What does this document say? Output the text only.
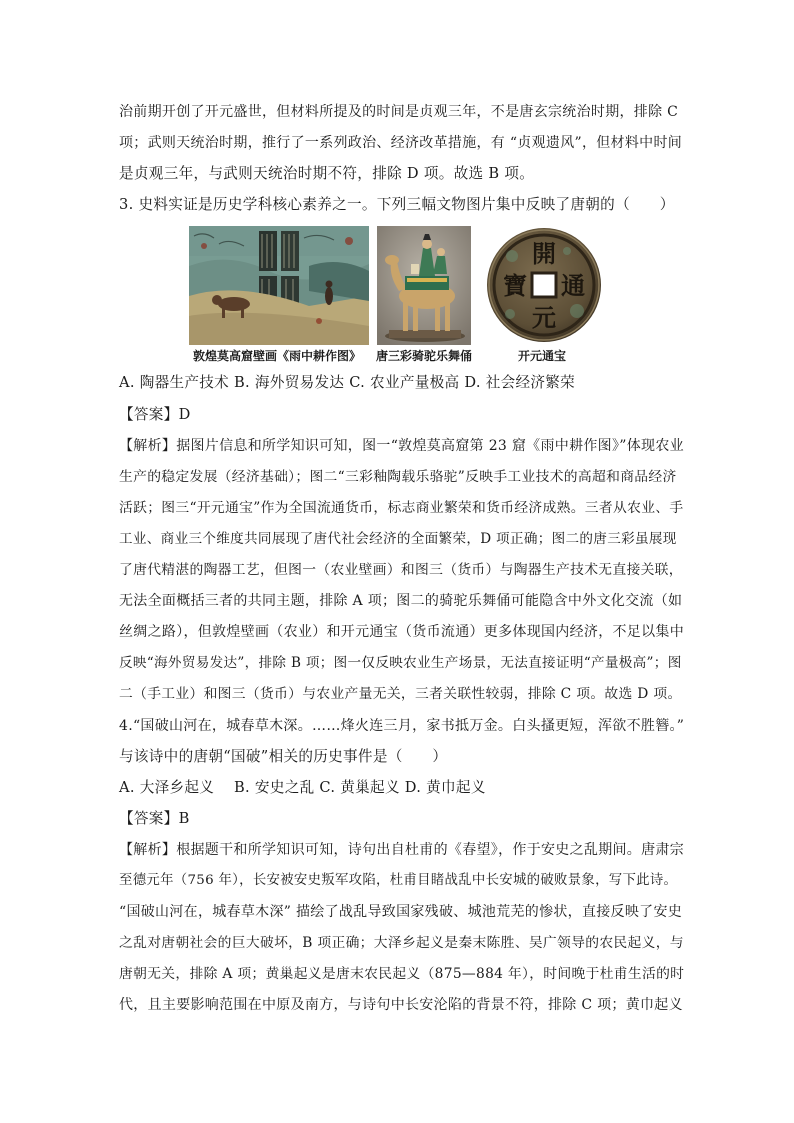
治前期开创了开元盛世，但材料所提及的时间是贞观三年，不是唐玄宗统治时期，排除 C
项；武则天统治时期，推行了一系列政治、经济改革措施，有 “贞观遗风”，但材料中时间
是贞观三年，与武则天统治时期不符，排除 D 项。故选 B 项。
3. 史料实证是历史学科核心素养之一。下列三幅文物图片集中反映了唐朝的（　　）
敦煌莫高窟壁画《雨中耕作图》 唐三彩骑驼乐舞俑
開
通
元
寶
开元通宝
A. 陶器生产技术 B. 海外贸易发达 C. 农业产量极高 D. 社会经济繁荣
【答案】D
【解析】据图片信息和所学知识可知，图一“敦煌莫高窟第 23 窟《雨中耕作图》”体现农业
生产的稳定发展（经济基础）；图二“三彩釉陶载乐骆驼”反映手工业技术的高超和商品经济
活跃；图三“开元通宝”作为全国流通货币，标志商业繁荣和货币经济成熟。三者从农业、手
工业、商业三个维度共同展现了唐代社会经济的全面繁荣，D 项正确；图二的唐三彩虽展现
了唐代精湛的陶器工艺，但图一（农业壁画）和图三（货币）与陶器生产技术无直接关联，
无法全面概括三者的共同主题，排除 A 项；图二的骑驼乐舞俑可能隐含中外文化交流（如
丝绸之路），但敦煌壁画（农业）和开元通宝（货币流通）更多体现国内经济，不足以集中
反映“海外贸易发达”，排除 B 项；图一仅反映农业生产场景，无法直接证明“产量极高”；图
二（手工业）和图三（货币）与农业产量无关，三者关联性较弱，排除 C 项。故选 D 项。
4.“国破山河在，城春草木深。……烽火连三月，家书抵万金。白头搔更短，浑欲不胜簪。”
与该诗中的唐朝“国破”相关的历史事件是（　　）
A. 大泽乡起义　 B. 安史之乱 C. 黄巢起义 D. 黄巾起义
【答案】B
【解析】根据题干和所学知识可知，诗句出自杜甫的《春望》，作于安史之乱期间。唐肃宗
至德元年（756 年），长安被安史叛军攻陷，杜甫目睹战乱中长安城的破败景象，写下此诗。
“国破山河在，城春草木深” 描绘了战乱导致国家残破、城池荒芜的惨状，直接反映了安史
之乱对唐朝社会的巨大破坏，B 项正确；大泽乡起义是秦末陈胜、吴广领导的农民起义，与
唐朝无关，排除 A 项；黄巢起义是唐末农民起义（875—884 年），时间晚于杜甫生活的时
代，且主要影响范围在中原及南方，与诗句中长安沦陷的背景不符，排除 C 项；黄巾起义
